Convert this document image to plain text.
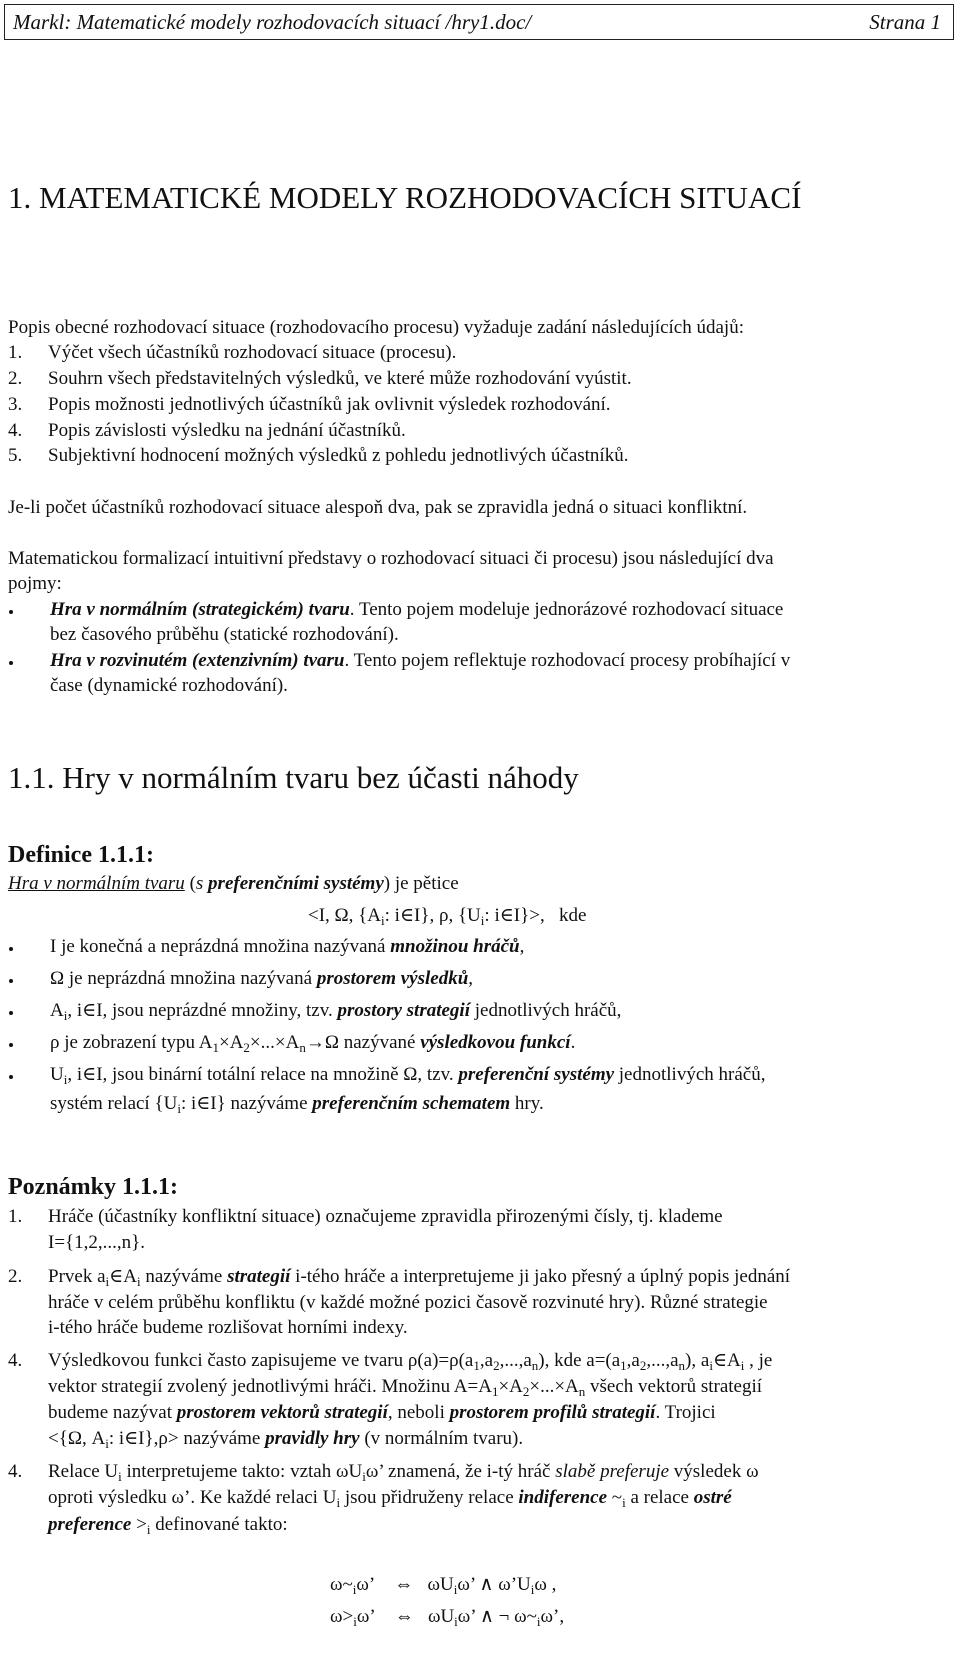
Markl: Matematické modely rozhodovacích situací /hry1.doc/	Strana 1
1. MATEMATICKÉ MODELY ROZHODOVACÍCH SITUACÍ
Popis obecné rozhodovací situace (rozhodovacího procesu) vyžaduje zadání následujících údajů:
1. Výčet všech účastníků rozhodovací situace (procesu).
2. Souhrn všech představitelných výsledků, ve které může rozhodování vyústit.
3. Popis možnosti jednotlivých účastníků jak ovlivnit výsledek rozhodování.
4. Popis závislosti výsledku na jednání účastníků.
5. Subjektivní hodnocení možných výsledků z pohledu jednotlivých účastníků.
Je-li počet účastníků rozhodovací situace alespoň dva, pak se zpravidla jedná o situaci konfliktní.
Matematickou formalizací intuitivní představy o rozhodovací situaci či procesu) jsou následující dva
pojmy:
Hra v normálním (strategickém) tvaru. Tento pojem modeluje jednorázové rozhodovací situace
bez časového průběhu (statické rozhodování).
Hra v rozvinutém (extenzivním) tvaru. Tento pojem reflektuje rozhodovací procesy probíhající v
čase (dynamické rozhodování).
1.1. Hry v normálním tvaru bez účasti náhody
Definice 1.1.1:
Hra v normálním tvaru (s preferenčními systémy) je pětice
<I, Ω, {$A_i$: i∈I}, ρ, {$U_i$: i∈I}>,   kde
I je konečná a neprázdná množina nazývaná množinou hráčů,
Ω je neprázdná množina nazývaná prostorem výsledků,
$A_i$, i∈I, jsou neprázdné množiny, tzv. prostory strategií jednotlivých hráčů,
ρ je zobrazení typu $A_1\times A_2\times...\times A_n\to\Omega$ nazývané výsledkovou funkcí.
$U_i$, i∈I, jsou binární totální relace na množině Ω, tzv. preferenční systémy jednotlivých hráčů,
systém relací {$U_i$: i∈I} nazýváme preferenčním schematem hry.
Poznámky 1.1.1:
1. Hráče (účastníky konfliktní situace) označujeme zpravidla přirozenými čísly, tj. klademe
I={1,2,...,n}.
2. Prvek $a_i\in A_i$ nazýváme strategií i-tého hráče a interpretujeme ji jako přesný a úplný popis jednání
hráče v celém průběhu konfliktu (v každé možné pozici časově rozvinuté hry). Různé strategie
i-tého hráče budeme rozlišovat horními indexy.
4. Výsledkovou funkci často zapisujeme ve tvaru $\rho(a)=\rho(a_1,a_2,...,a_n)$, kde $a=(a_1,a_2,...,a_n)$, $a_i\in A_i$ , je
vektor strategií zvolený jednotlivými hráči. Množinu $A=A_1\times A_2\times...\times A_n$ všech vektorů strategií
budeme nazývat prostorem vektorů strategií, neboli prostorem profilů strategií. Trojici
<{Ω, $A_i$: i∈I},ρ> nazýváme pravidly hry (v normálním tvaru).
4. Relace $U_i$ interpretujeme takto: vztah $\omega U_i\omega$’ znamená, že i-tý hráč slabě preferuje výsledek ω
oproti výsledku ω’. Ke každé relaci $U_i$ jsou přidruženy relace indiference $\sim_i$ a relace ostré
preference $>_i$ definované takto:
$\omega\sim_i\omega$’    ⇔   $\omega U_i\omega$’ ∧ $\omega’U_i\omega$ ,
$\omega>_i\omega$’    ⇔   $\omega U_i\omega$’ ∧ ¬ $\omega\sim_i\omega$’,
